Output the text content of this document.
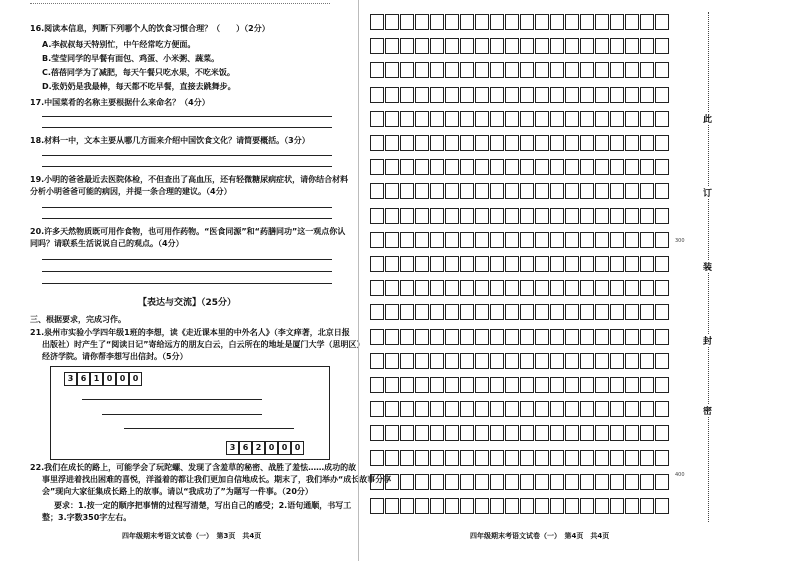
16.阅读本信息，判断下列哪个人的饮食习惯合理？（　　）（2分）
A.李叔叔每天特别忙，中午经常吃方便面。
B.莹莹同学的早餐有面包、鸡蛋、小米粥、蔬菜。
C.蓓蓓同学为了减肥，每天午餐只吃水果，不吃米饭。
D.张奶奶是我最棒，每天都不吃早餐，直接去跳舞步。
17.中国菜肴的名称主要根据什么来命名？（4分）
18.材料一中，文本主要从哪几方面来介绍中国饮食文化？请简要概括。（3分）
19.小明的爸爸最近去医院体检，不但查出了高血压，还有轻微糖尿病症状，请你结合材料
分析小明爸爸可能的病因，并提一条合理的建议。（4分）
20.许多天然物质既可用作食物，也可用作药物。“医食同源”和“药膳同功”这一观点你认
同吗？请联系生活说说自己的观点。（4分）
【表达与交流】（25分）
三、根据要求，完成习作。
21.泉州市实验小学四年级1班的李想，读《走近课本里的中外名人》（李文痒著，北京日报
出版社）时产生了“阅读日记”寄给远方的朋友白云，白云所在的地址是厦门大学（思明区）
经济学院。请你帮李想写出信封。（5分）
3 6 1 0 0 0
3 6 2 0 0 0
22.我们在成长的路上，可能学会了玩陀螺、发现了含羞草的秘密、战胜了羞怯……成功的故
事里浮进着找出困难的喜悦，洋溢着的都让我们更加自信地成长。期末了，我们举办“成长故事分享
会”现向大家征集成长路上的故事。请以“我成功了”为题写一件事。（20分）
要求：1.按一定的顺序把事情的过程写清楚，写出自己的感受；2.语句通顺，书写工
整；3.字数350字左右。
四年级期末考语文试卷（一）　第3页　共4页
300
400
此
订
装
封
密
四年级期末考语文试卷（一）　第4页　共4页
